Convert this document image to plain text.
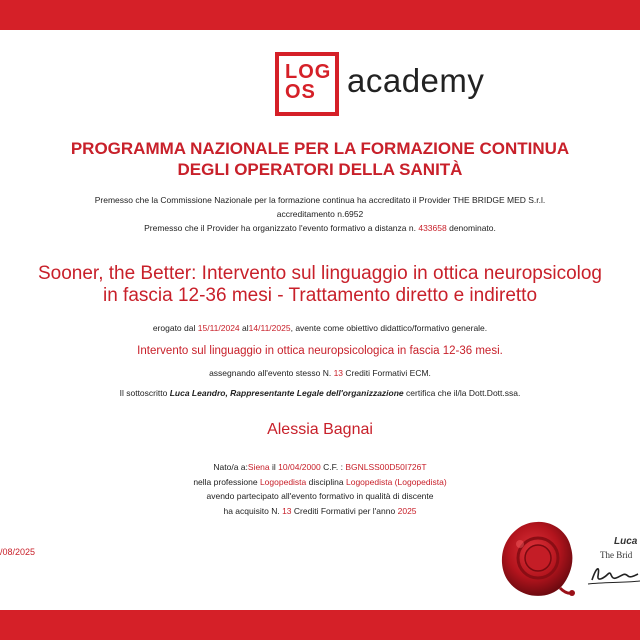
LOG
OS academy
PROGRAMMA NAZIONALE PER LA FORMAZIONE CONTINUA
DEGLI OPERATORI DELLA SANITÀ
Premesso che la Commissione Nazionale per la formazione continua ha accreditato il Provider THE BRIDGE MED S.r.l.
accreditamento n.6952
Premesso che il Provider ha organizzato l'evento formativo a distanza n. 433658 denominato.
Sooner, the Better: Intervento sul linguaggio in ottica neuropsicolog
in fascia 12-36 mesi - Trattamento diretto e indiretto
erogato dal 15/11/2024 al14/11/2025, avente come obiettivo didattico/formativo generale.
Intervento sul linguaggio in ottica neuropsicologica in fascia 12-36 mesi.
assegnando all'evento stesso N. 13 Crediti Formativi ECM.
Il sottoscritto Luca Leandro, Rappresentante Legale dell'organizzazione certifica che il/la Dott.Dott.ssa.
Alessia Bagnai
Nato/a a:Siena il 10/04/2000 C.F. : BGNLSS00D50I726T
nella professione Logopedista disciplina Logopedista (Logopedista)
avendo partecipato all'evento formativo in qualità di discente
ha acquisito N. 13 Crediti Formativi per l'anno 2025
/08/2025
Luca
The Brid
